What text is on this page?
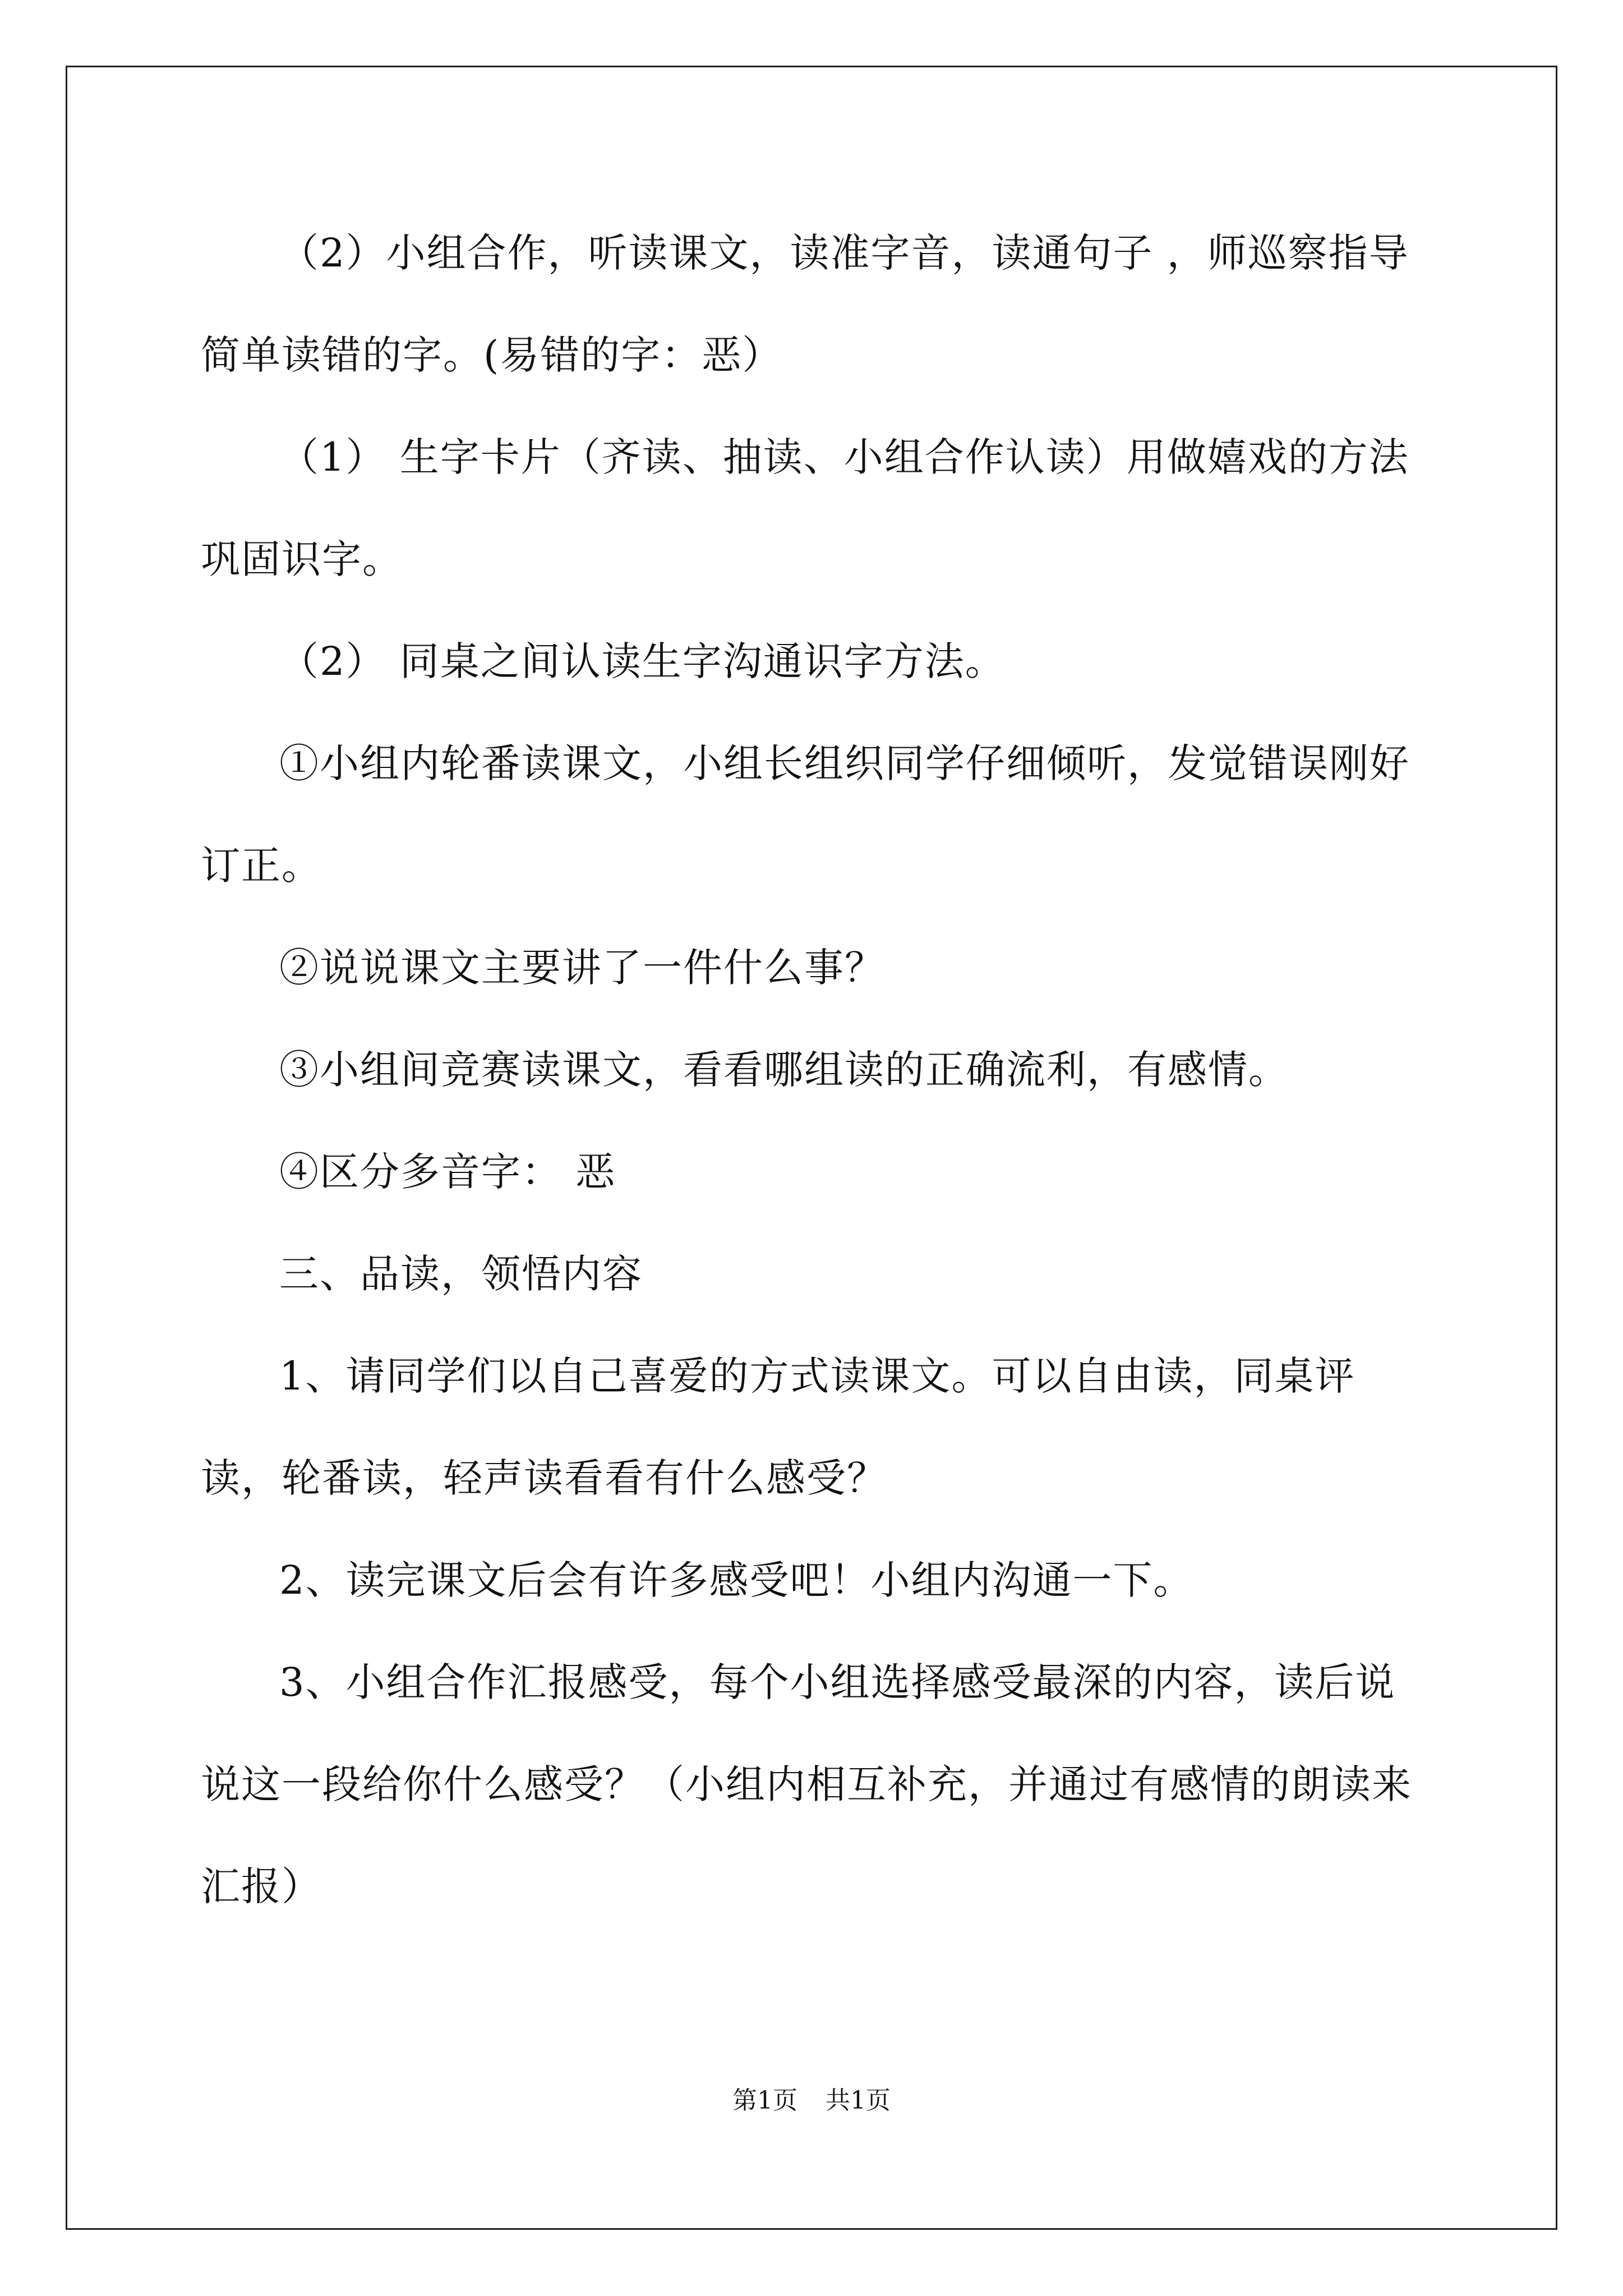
（2）小组合作，听读课文，读准字音，读通句子 ，师巡察指导简单读错的字。(易错的字：恶）

（1） 生字卡片（齐读、抽读、小组合作认读）用做嬉戏的方法巩固识字。

（2） 同桌之间认读生字沟通识字方法。

①小组内轮番读课文，小组长组织同学仔细倾听，发觉错误刚好订正。

②说说课文主要讲了一件什么事？

③小组间竞赛读课文，看看哪组读的正确流利，有感情。

④区分多音字： 恶

三、品读，领悟内容

1、请同学们以自己喜爱的方式读课文。可以自由读，同桌评读，轮番读，轻声读看看有什么感受？

2、读完课文后会有许多感受吧！小组内沟通一下。

3、小组合作汇报感受，每个小组选择感受最深的内容，读后说说这一段给你什么感受？（小组内相互补充，并通过有感情的朗读来汇报）

第1页 共1页
